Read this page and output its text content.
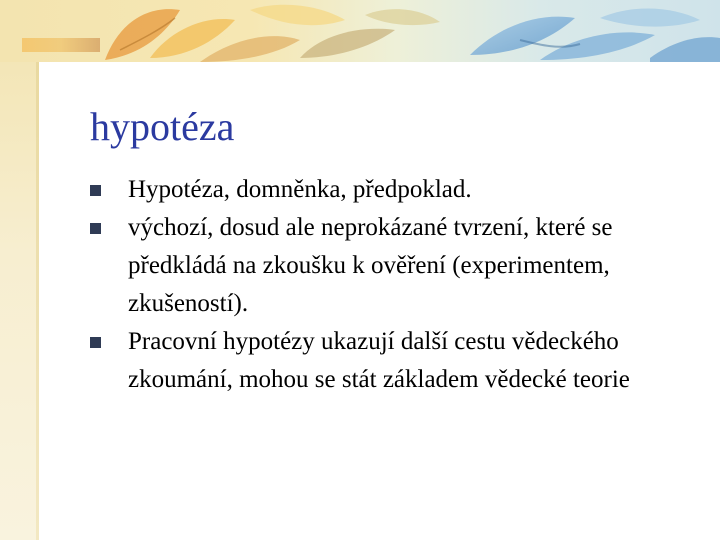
hypotéza
Hypotéza, domněnka, předpoklad.
výchozí, dosud ale neprokázané tvrzení, které se předkládá na zkoušku k ověření (experimentem, zkušeností).
Pracovní hypotézy ukazují další cestu vědeckého zkoumání, mohou se stát základem vědecké teorie
